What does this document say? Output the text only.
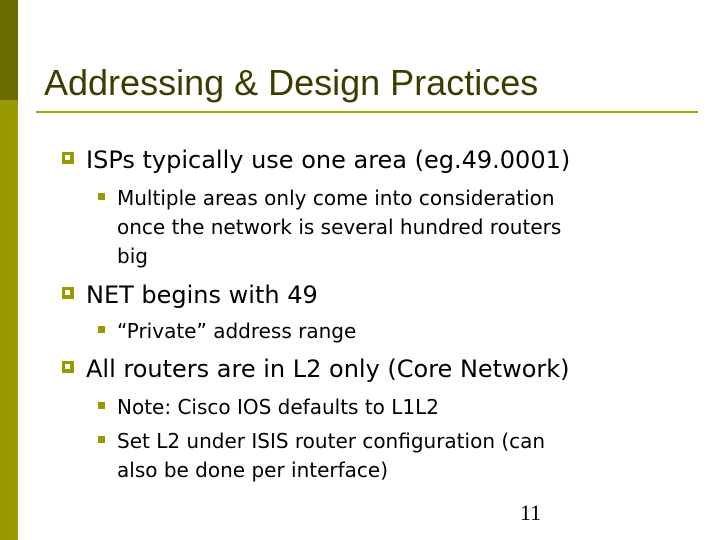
Addressing & Design Practices
ISPs typically use one area (eg.49.0001)
Multiple areas only come into consideration
once the network is several hundred routers
big
NET begins with 49
“Private” address range
All routers are in L2 only (Core Network)
Note: Cisco IOS defaults to L1L2
Set L2 under ISIS router configuration (can
also be done per interface)
11
